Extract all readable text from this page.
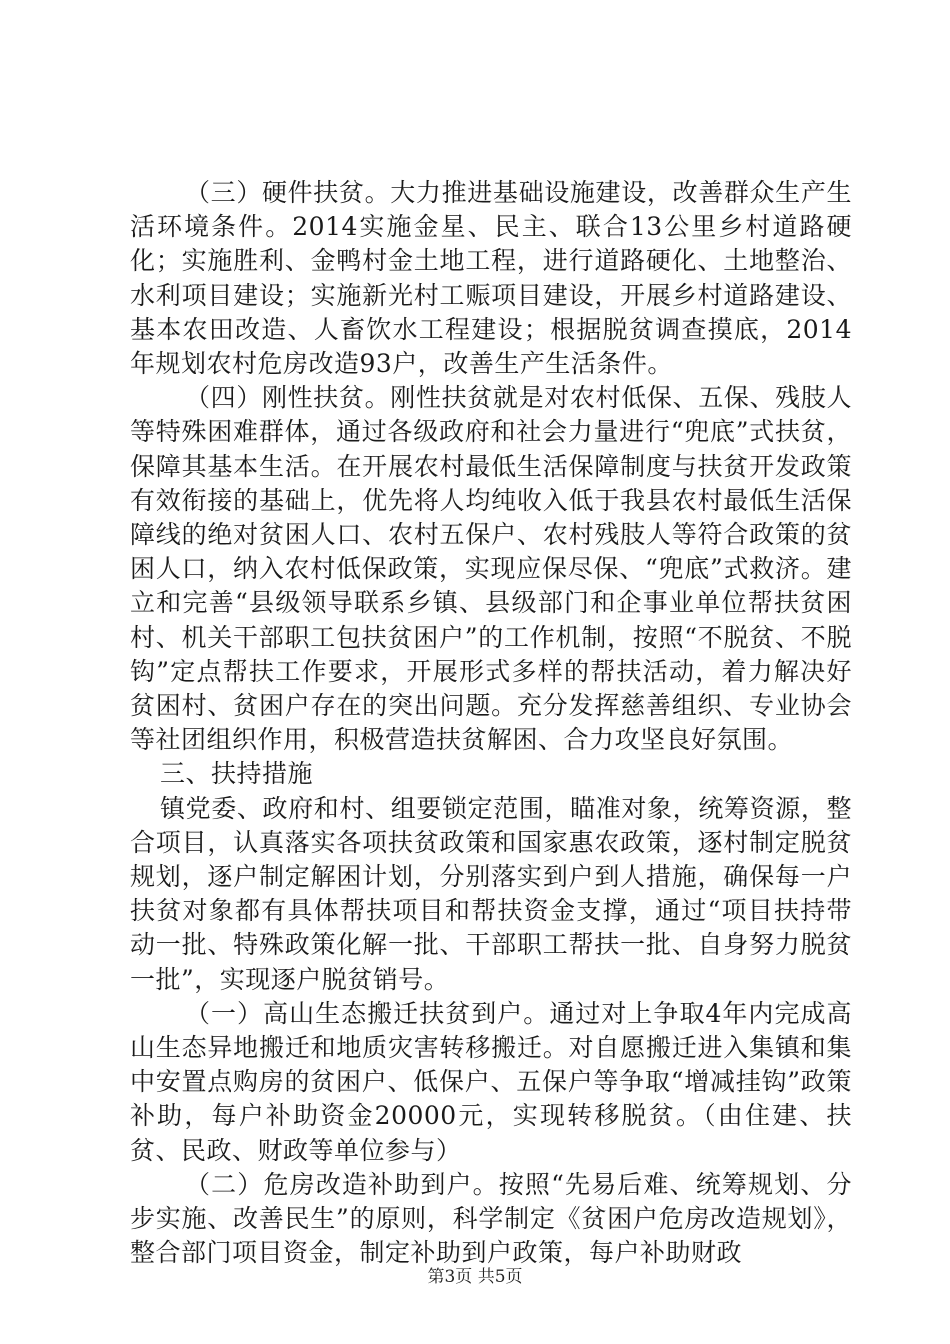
（三）硬件扶贫。大力推进基础设施建设，改善群众生产生活环境条件。2014实施金星、民主、联合13公里乡村道路硬化；实施胜利、金鸭村金土地工程，进行道路硬化、土地整治、水利项目建设；实施新光村工赈项目建设，开展乡村道路建设、基本农田改造、人畜饮水工程建设；根据脱贫调查摸底，2014年规划农村危房改造93户，改善生产生活条件。

（四）刚性扶贫。刚性扶贫就是对农村低保、五保、残肢人等特殊困难群体，通过各级政府和社会力量进行“兜底”式扶贫，保障其基本生活。在开展农村最低生活保障制度与扶贫开发政策有效衔接的基础上，优先将人均纯收入低于我县农村最低生活保障线的绝对贫困人口、农村五保户、农村残肢人等符合政策的贫困人口，纳入农村低保政策，实现应保尽保、“兜底”式救济。建立和完善“县级领导联系乡镇、县级部门和企事业单位帮扶贫困村、机关干部职工包扶贫困户”的工作机制，按照“不脱贫、不脱钩”定点帮扶工作要求，开展形式多样的帮扶活动，着力解决好贫困村、贫困户存在的突出问题。充分发挥慈善组织、专业协会等社团组织作用，积极营造扶贫解困、合力攻坚良好氛围。

三、扶持措施

镇党委、政府和村、组要锁定范围，瞄准对象，统筹资源，整合项目，认真落实各项扶贫政策和国家惠农政策，逐村制定脱贫规划，逐户制定解困计划，分别落实到户到人措施，确保每一户扶贫对象都有具体帮扶项目和帮扶资金支撑，通过“项目扶持带动一批、特殊政策化解一批、干部职工帮扶一批、自身努力脱贫一批”，实现逐户脱贫销号。

（一）高山生态搬迁扶贫到户。通过对上争取4年内完成高山生态异地搬迁和地质灾害转移搬迁。对自愿搬迁进入集镇和集中安置点购房的贫困户、低保户、五保户等争取“增减挂钩”政策补助，每户补助资金20000元，实现转移脱贫。（由住建、扶贫、民政、财政等单位参与）

（二）危房改造补助到户。按照“先易后难、统筹规划、分步实施、改善民生”的原则，科学制定《贫困户危房改造规划》，整合部门项目资金，制定补助到户政策，每户补助财政

第3页 共5页
